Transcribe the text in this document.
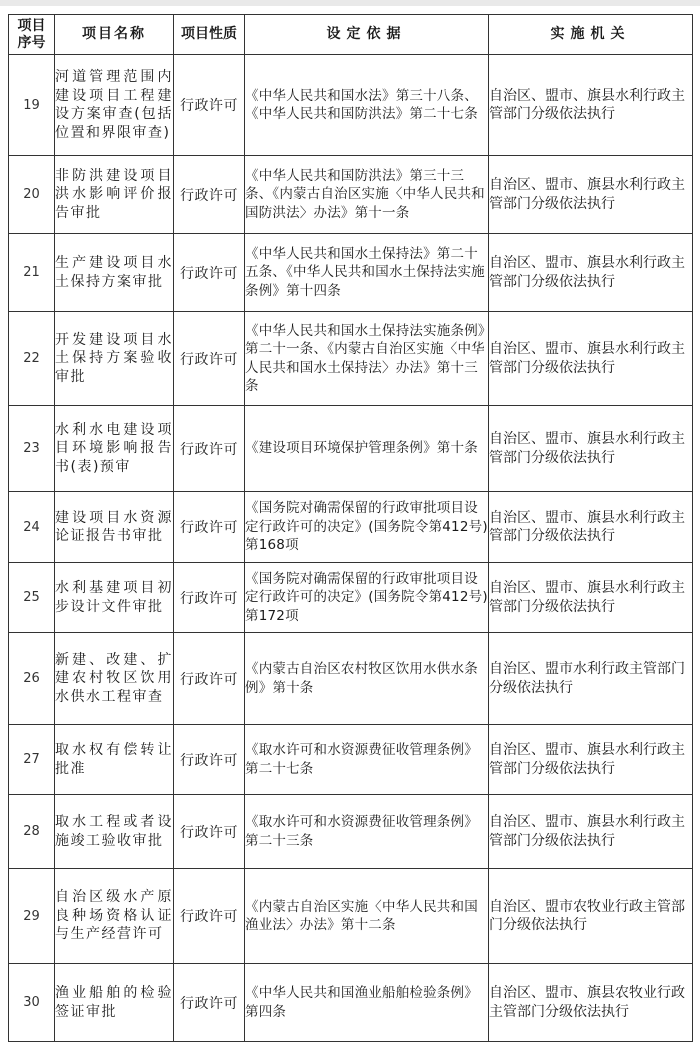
项目
序号	项目名称	项目性质	设定依据	实施机关
19	河道管理范围内建设项目工程建设方案审查(包括位置和界限审查)	行政许可	《中华人民共和国水法》第三十八条、《中华人民共和国防洪法》第二十七条	自治区、盟市、旗县水利行政主管部门分级依法执行
20	非防洪建设项目洪水影响评价报告审批	行政许可	《中华人民共和国防洪法》第三十三条、《内蒙古自治区实施〈中华人民共和国防洪法〉办法》第十一条	自治区、盟市、旗县水利行政主管部门分级依法执行
21	生产建设项目水土保持方案审批	行政许可	《中华人民共和国水土保持法》第二十五条、《中华人民共和国水土保持法实施条例》第十四条	自治区、盟市、旗县水利行政主管部门分级依法执行
22	开发建设项目水土保持方案验收审批	行政许可	《中华人民共和国水土保持法实施条例》第二十一条、《内蒙古自治区实施〈中华人民共和国水土保持法〉办法》第十三条	自治区、盟市、旗县水利行政主管部门分级依法执行
23	水利水电建设项目环境影响报告书(表)预审	行政许可	《建设项目环境保护管理条例》第十条	自治区、盟市、旗县水利行政主管部门分级依法执行
24	建设项目水资源论证报告书审批	行政许可	《国务院对确需保留的行政审批项目设定行政许可的决定》(国务院令第412号)第168项	自治区、盟市、旗县水利行政主管部门分级依法执行
25	水利基建项目初步设计文件审批	行政许可	《国务院对确需保留的行政审批项目设定行政许可的决定》(国务院令第412号)第172项	自治区、盟市、旗县水利行政主管部门分级依法执行
26	新建、改建、扩建农村牧区饮用水供水工程审查	行政许可	《内蒙古自治区农村牧区饮用水供水条例》第十条	自治区、盟市水利行政主管部门分级依法执行
27	取水权有偿转让批准	行政许可	《取水许可和水资源费征收管理条例》第二十七条	自治区、盟市、旗县水利行政主管部门分级依法执行
28	取水工程或者设施竣工验收审批	行政许可	《取水许可和水资源费征收管理条例》第二十三条	自治区、盟市、旗县水利行政主管部门分级依法执行
29	自治区级水产原良种场资格认证与生产经营许可	行政许可	《内蒙古自治区实施〈中华人民共和国渔业法〉办法》第十二条	自治区、盟市农牧业行政主管部门分级依法执行
30	渔业船舶的检验签证审批	行政许可	《中华人民共和国渔业船舶检验条例》第四条	自治区、盟市、旗县农牧业行政主管部门分级依法执行
